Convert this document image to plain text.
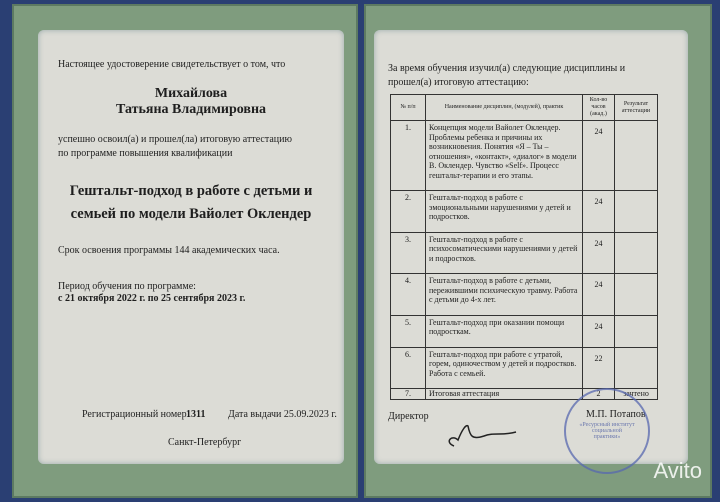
Настоящее удостоверение свидетельствует о том, что
Михайлова
Татьяна Владимировна
успешно освоил(а) и прошел(ла) итоговую аттестацию
по программе повышения квалификации
Гештальт-подход в работе с детьми и
семьей по модели Вайолет Оклендер
Срок освоения программы 144 академических часа.
Период обучения по программе:
с 21 октября 2022 г. по 25 сентября 2023 г.
Регистрационный номер 1311 Дата выдачи 25.09.2023 г.
Санкт-Петербург
За время обучения изучил(а) следующие дисциплины и
прошел(а) итоговую аттестацию:
№ п/п	Наименование дисциплин, (модулей), практик	Кол-во часов (акад.)	Результат аттестации
1.	Концепция модели Вайолет Оклендер. Проблемы ребенка и причины их возникновения. Понятия «Я – Ты – отношения», «контакт», «диалог» в модели В. Оклендер. Чувство «Self». Процесс гештальт-терапии и его этапы.	24	
2.	Гештальт-подход в работе с эмоциональными нарушениями у детей и подростков.	24	
3.	Гештальт-подход в работе с психосоматическими нарушениями у детей и подростков.	24	
4.	Гештальт-подход в работе с детьми, пережившими психическую травму. Работа с детьми до 4-х лет.	24	
5.	Гештальт-подход при оказании помощи подросткам.	24	
6.	Гештальт-подход при работе с утратой, горем, одиночеством у детей и подростков. Работа с семьей.	22	
7.	Итоговая аттестация	2	зачтено
Директор	М.П. Потапов
«Ресурсный институт социальной практики»
Avito
